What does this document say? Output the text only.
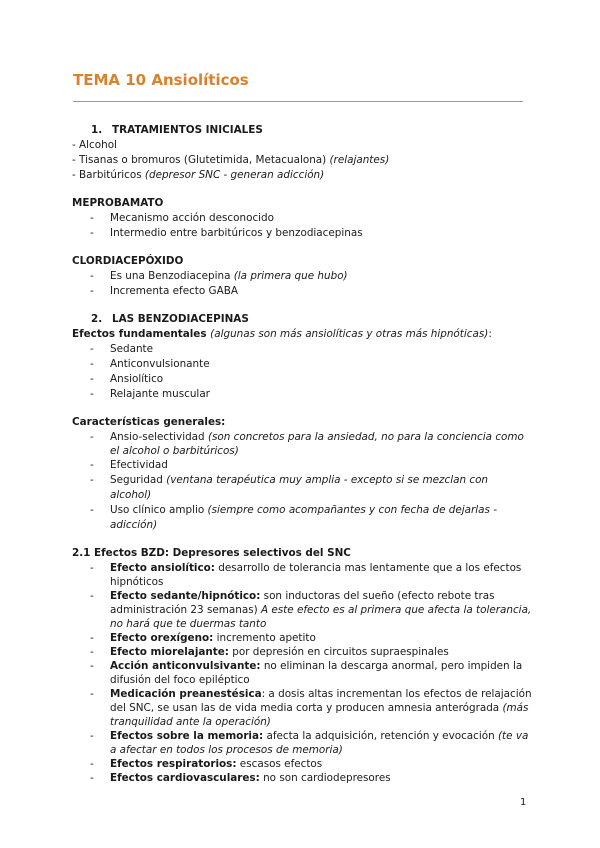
TEMA 10 Ansiolíticos
1. TRATAMIENTOS INICIALES
- Alcohol
- Tisanas o bromuros (Glutetimida, Metacualona) (relajantes)
- Barbitúricos (depresor SNC - generan adicción)
MEPROBAMATO
- Mecanismo acción desconocido
- Intermedio entre barbitúricos y benzodiacepinas
CLORDIACEPÓXIDO
- Es una Benzodiacepina (la primera que hubo)
- Incrementa efecto GABA
2. LAS BENZODIACEPINAS
Efectos fundamentales (algunas son más ansiolíticas y otras más hipnóticas):
- Sedante
- Anticonvulsionante
- Ansiolítico
- Relajante muscular
Características generales:
- Ansio-selectividad (son concretos para la ansiedad, no para la conciencia como el alcohol o barbitúricos)
- Efectividad
- Seguridad (ventana terapéutica muy amplia - excepto si se mezclan con alcohol)
- Uso clínico amplio (siempre como acompañantes y con fecha de dejarlas - adicción)
2.1 Efectos BZD: Depresores selectivos del SNC
- Efecto ansiolítico: desarrollo de tolerancia mas lentamente que a los efectos hipnóticos
- Efecto sedante/hipnótico: son inductoras del sueño (efecto rebote tras administración 23 semanas) A este efecto es al primera que afecta la tolerancia, no hará que te duermas tanto
- Efecto orexígeno: incremento apetito
- Efecto miorelajante: por depresión en circuitos supraespinales
- Acción anticonvulsivante: no eliminan la descarga anormal, pero impiden la difusión del foco epiléptico
- Medicación preanestésica: a dosis altas incrementan los efectos de relajación del SNC, se usan las de vida media corta y producen amnesia anterógrada (más tranquilidad ante la operación)
- Efectos sobre la memoria: afecta la adquisición, retención y evocación (te va a afectar en todos los procesos de memoria)
- Efectos respiratorios: escasos efectos
- Efectos cardiovasculares: no son cardiodepresores
1
